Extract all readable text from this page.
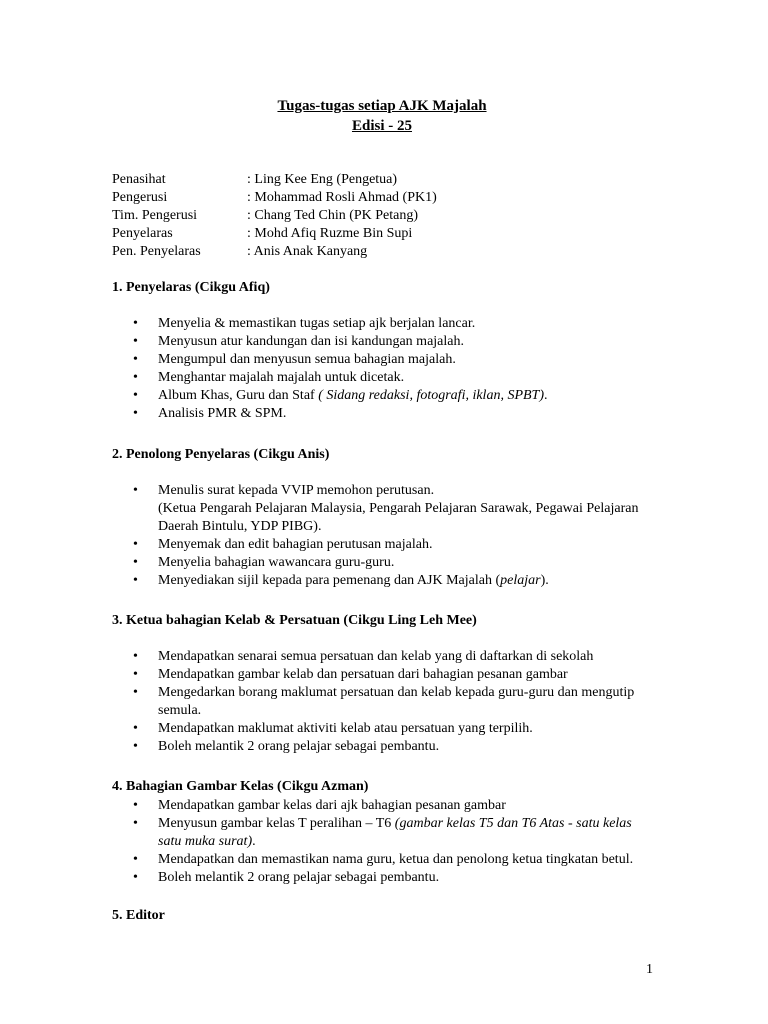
Tugas-tugas setiap AJK Majalah
Edisi - 25
Penasihat	: Ling Kee Eng (Pengetua)
Pengerusi	: Mohammad Rosli Ahmad (PK1)
Tim. Pengerusi	: Chang Ted Chin (PK Petang)
Penyelaras	: Mohd Afiq Ruzme Bin Supi
Pen. Penyelaras	: Anis Anak Kanyang
1. Penyelaras (Cikgu Afiq)
• Menyelia & memastikan tugas setiap ajk berjalan lancar.
• Menyusun atur kandungan dan isi kandungan majalah.
• Mengumpul dan menyusun semua bahagian majalah.
• Menghantar majalah majalah untuk dicetak.
• Album Khas, Guru dan Staf ( Sidang redaksi, fotografi, iklan, SPBT).
• Analisis PMR & SPM.
2. Penolong Penyelaras (Cikgu Anis)
• Menulis surat kepada VVIP memohon perutusan.
(Ketua Pengarah Pelajaran Malaysia, Pengarah Pelajaran Sarawak, Pegawai Pelajaran Daerah Bintulu, YDP PIBG).
• Menyemak dan edit bahagian perutusan majalah.
• Menyelia bahagian wawancara guru-guru.
• Menyediakan sijil kepada para pemenang dan AJK Majalah (pelajar).
3. Ketua bahagian Kelab & Persatuan (Cikgu Ling Leh Mee)
• Mendapatkan senarai semua persatuan dan kelab yang di daftarkan di sekolah
• Mendapatkan gambar kelab dan persatuan dari bahagian pesanan gambar
• Mengedarkan borang maklumat persatuan dan kelab kepada guru-guru dan mengutip semula.
• Mendapatkan maklumat aktiviti kelab atau persatuan yang terpilih.
• Boleh melantik 2 orang pelajar sebagai pembantu.
4. Bahagian Gambar Kelas (Cikgu Azman)
• Mendapatkan gambar kelas dari ajk bahagian pesanan gambar
• Menyusun gambar kelas T peralihan – T6 (gambar kelas T5 dan T6 Atas - satu kelas satu muka surat).
• Mendapatkan dan memastikan nama guru, ketua dan penolong ketua tingkatan betul.
• Boleh melantik 2 orang pelajar sebagai pembantu.
5. Editor
1
